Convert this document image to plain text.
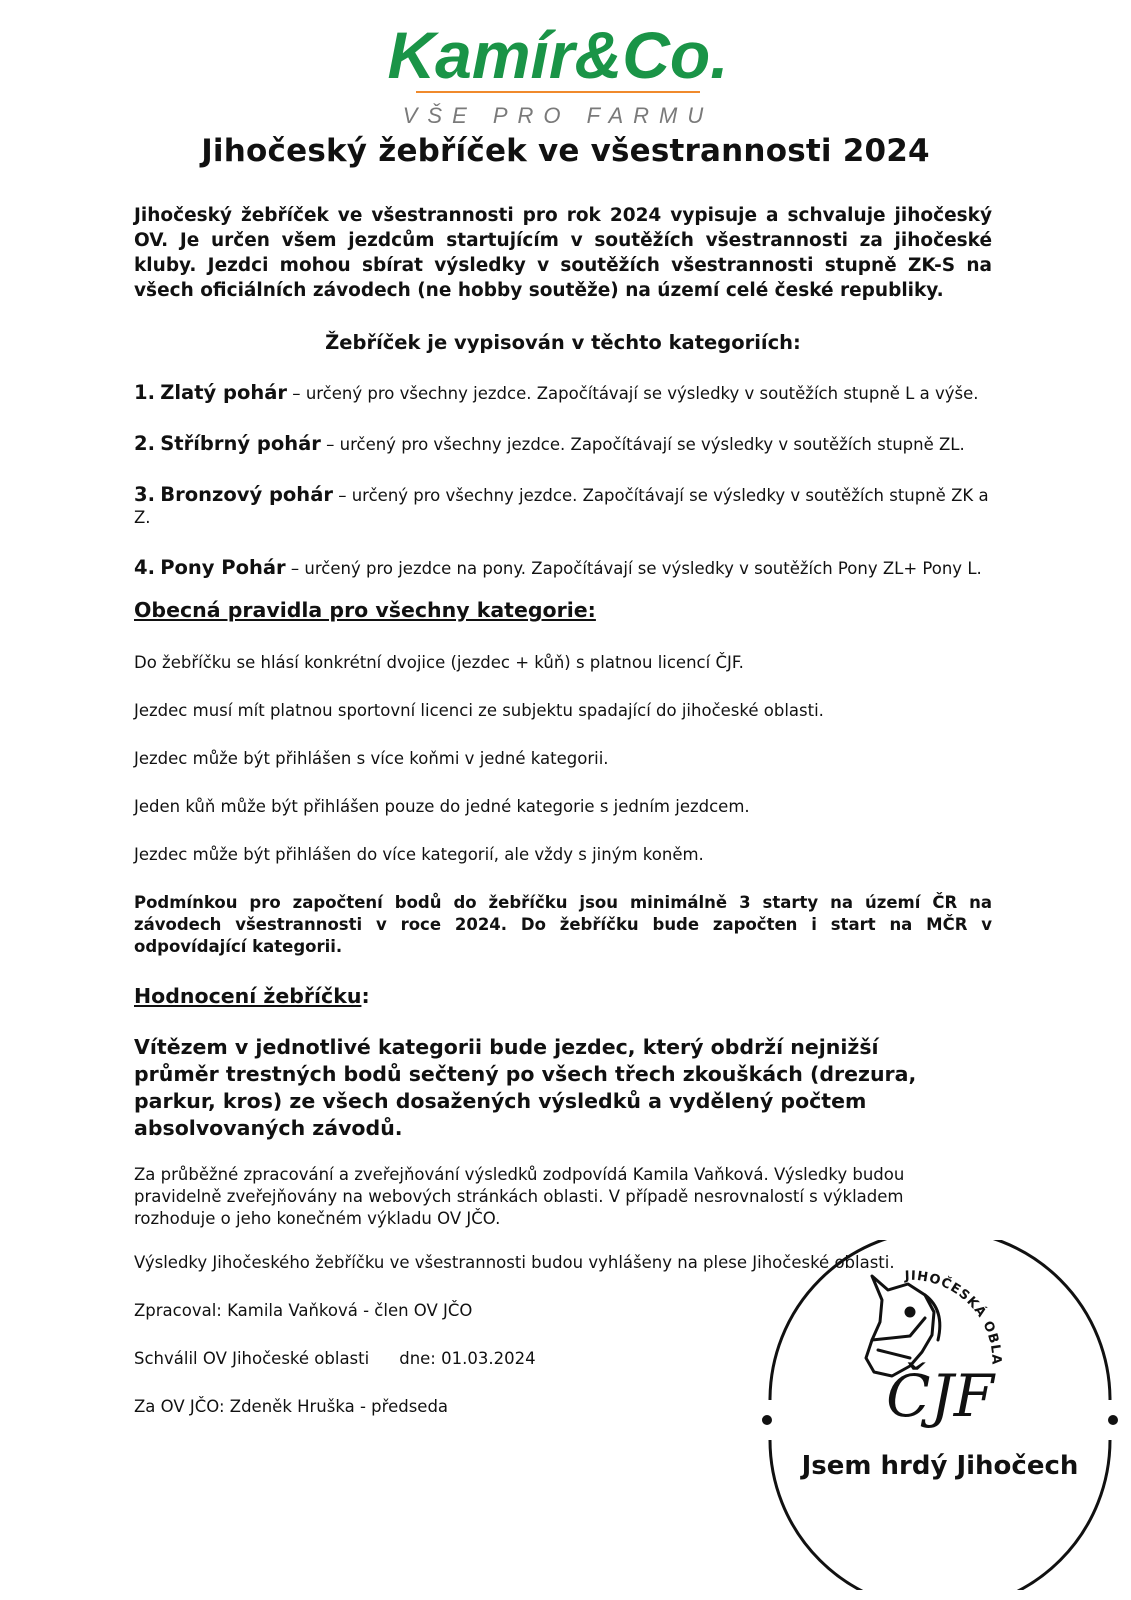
Kamír&Co.
VŠE PRO FARMU
Jihočeský žebříček ve všestrannosti 2024

Jihočeský žebříček ve všestrannosti pro rok 2024 vypisuje a schvaluje jihočeský OV. Je určen všem jezdcům startujícím v soutěžích všestrannosti za jihočeské kluby. Jezdci mohou sbírat výsledky v soutěžích všestrannosti stupně ZK-S na všech oficiálních závodech (ne hobby soutěže) na území celé české republiky.

Žebříček je vypisován v těchto kategoriích:

1. Zlatý pohár – určený pro všechny jezdce. Započítávají se výsledky v soutěžích stupně L a výše.

2. Stříbrný pohár – určený pro všechny jezdce. Započítávají se výsledky v soutěžích stupně ZL.

3. Bronzový pohár – určený pro všechny jezdce. Započítávají se výsledky v soutěžích stupně ZK a Z.

4. Pony Pohár – určený pro jezdce na pony. Započítávají se výsledky v soutěžích Pony ZL+ Pony L.

Obecná pravidla pro všechny kategorie:

Do žebříčku se hlásí konkrétní dvojice (jezdec + kůň) s platnou licencí ČJF.

Jezdec musí mít platnou sportovní licenci ze subjektu spadající do jihočeské oblasti.

Jezdec může být přihlášen s více koňmi v jedné kategorii.

Jeden kůň může být přihlášen pouze do jedné kategorie s jedním jezdcem.

Jezdec může být přihlášen do více kategorií, ale vždy s jiným koněm.

Podmínkou pro započtení bodů do žebříčku jsou minimálně 3 starty na území ČR na závodech všestrannosti v roce 2024. Do žebříčku bude započten i start na MČR v odpovídající kategorii.

Hodnocení žebříčku:

Vítězem v jednotlivé kategorii bude jezdec, který obdrží nejnižší průměr trestných bodů sečtený po všech třech zkouškách (drezura, parkur, kros) ze všech dosažených výsledků a vydělený počtem absolvovaných závodů.

Za průběžné zpracování a zveřejňování výsledků zodpovídá Kamila Vaňková. Výsledky budou pravidelně zveřejňovány na webových stránkách oblasti. V případě nesrovnalostí s výkladem rozhoduje o jeho konečném výkladu OV JČO.

Výsledky Jihočeského žebříčku ve všestrannosti budou vyhlášeny na plese Jihočeské oblasti.

Zpracoval: Kamila Vaňková - člen OV JČO

Schválil OV Jihočeské oblasti dne: 01.03.2024

Za OV JČO: Zdeněk Hruška - předseda

JIHOČESKÁ OBLA
ČJF
Jsem hrdý Jihočech
